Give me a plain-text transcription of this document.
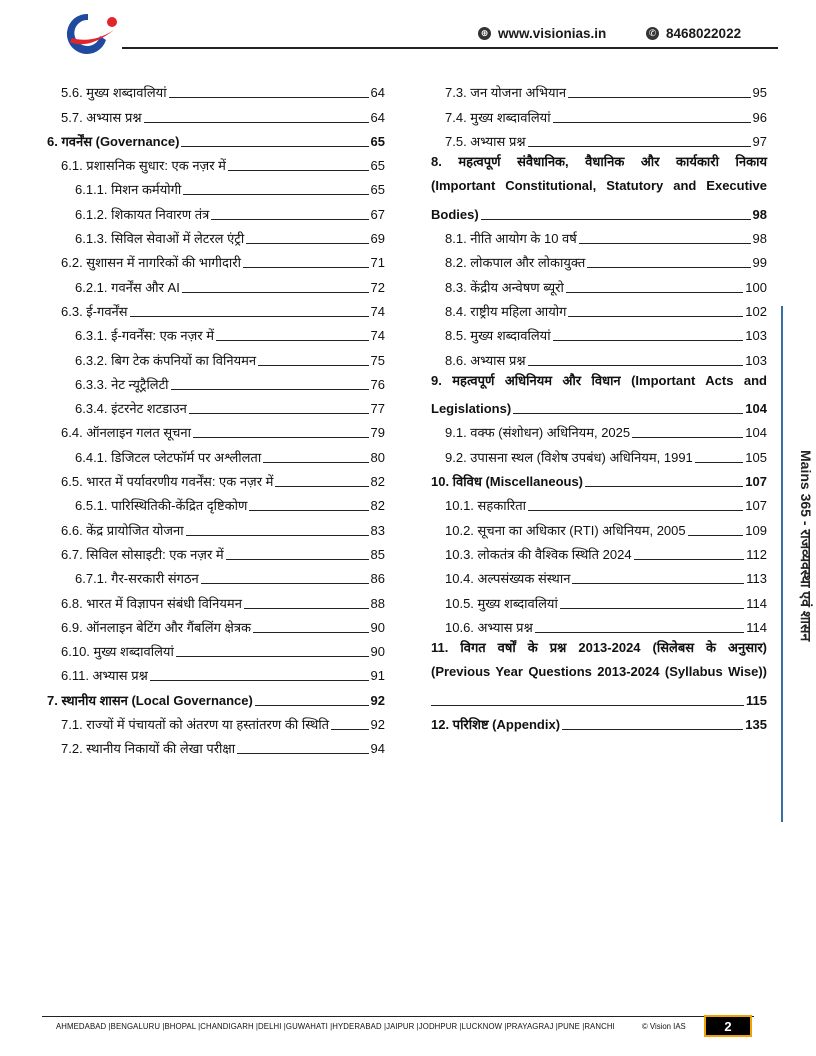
⊕ www.visionias.in	✆ 8468022022
5.6. मुख्य शब्दावलियां	64
5.7. अभ्यास प्रश्न	64
6. गवर्नेंस (Governance)	65
6.1. प्रशासनिक सुधार: एक नज़र में	65
6.1.1. मिशन कर्मयोगी	65
6.1.2. शिकायत निवारण तंत्र	67
6.1.3. सिविल सेवाओं में लेटरल एंट्री	69
6.2. सुशासन में नागरिकों की भागीदारी	71
6.2.1. गवर्नेंस और AI	72
6.3. ई-गवर्नेंस	74
6.3.1. ई-गवर्नेंस: एक नज़र में	74
6.3.2. बिग टेक कंपनियों का विनियमन	75
6.3.3. नेट न्यूट्रैलिटी	76
6.3.4. इंटरनेट शटडाउन	77
6.4. ऑनलाइन गलत सूचना	79
6.4.1. डिजिटल प्लेटफॉर्म पर अश्लीलता	80
6.5. भारत में पर्यावरणीय गवर्नेंस: एक नज़र में	82
6.5.1. पारिस्थितिकी-केंद्रित दृष्टिकोण	82
6.6. केंद्र प्रायोजित योजना	83
6.7. सिविल सोसाइटी: एक नज़र में	85
6.7.1. गैर-सरकारी संगठन	86
6.8. भारत में विज्ञापन संबंधी विनियमन	88
6.9. ऑनलाइन बेटिंग और गैंबलिंग क्षेत्रक	90
6.10. मुख्य शब्दावलियां	90
6.11. अभ्यास प्रश्न	91
7. स्थानीय शासन (Local Governance)	92
7.1. राज्यों में पंचायतों को अंतरण या हस्तांतरण की स्थिति	92
7.2. स्थानीय निकायों की लेखा परीक्षा	94
7.3. जन योजना अभियान	95
7.4. मुख्य शब्दावलियां	96
7.5. अभ्यास प्रश्न	97
8. महत्वपूर्ण संवैधानिक, वैधानिक और कार्यकारी निकाय
(Important Constitutional, Statutory and Executive
Bodies)	98
8.1. नीति आयोग के 10 वर्ष	98
8.2. लोकपाल और लोकायुक्त	99
8.3. केंद्रीय अन्वेषण ब्यूरो	100
8.4. राष्ट्रीय महिला आयोग	102
8.5. मुख्य शब्दावलियां	103
8.6. अभ्यास प्रश्न	103
9. महत्वपूर्ण अधिनियम और विधान (Important Acts and
Legislations)	104
9.1. वक्फ (संशोधन) अधिनियम, 2025	104
9.2. उपासना स्थल (विशेष उपबंध) अधिनियम, 1991	105
10. विविध (Miscellaneous)	107
10.1. सहकारिता	107
10.2. सूचना का अधिकार (RTI) अधिनियम, 2005	109
10.3. लोकतंत्र की वैश्विक स्थिति 2024	112
10.4. अल्पसंख्यक संस्थान	113
10.5. मुख्य शब्दावलियां	114
10.6. अभ्यास प्रश्न	114
11. विगत वर्षों के प्रश्न 2013-2024 (सिलेबस के अनुसार)
(Previous Year Questions 2013-2024 (Syllabus Wise))
115
12. परिशिष्ट (Appendix)	135
Mains 365 - राजव्यवस्था एवं शासन
AHMEDABAD |BENGALURU |BHOPAL |CHANDIGARH |DELHI |GUWAHATI |HYDERABAD |JAIPUR |JODHPUR |LUCKNOW |PRAYAGRAJ |PUNE |RANCHI	© Vision IAS	2
